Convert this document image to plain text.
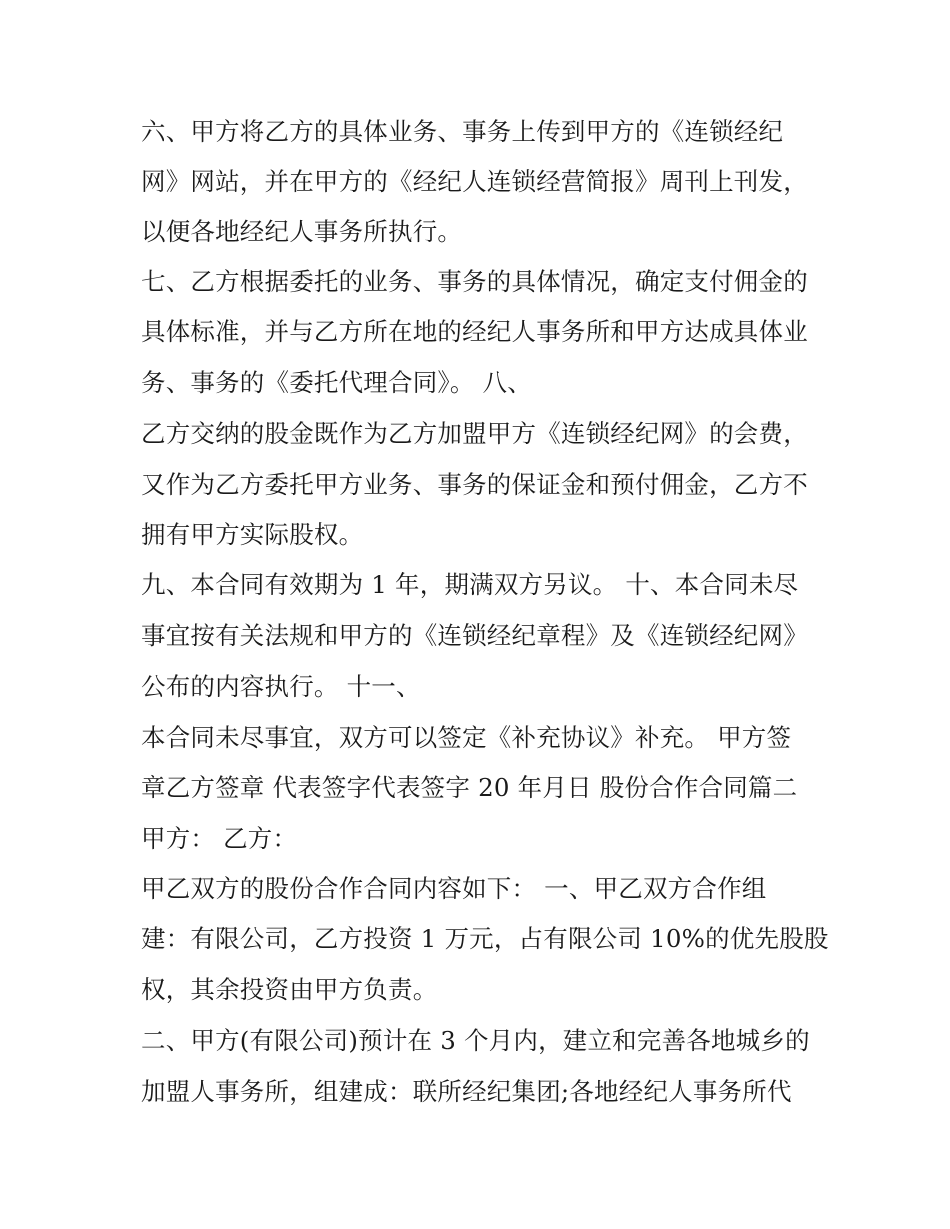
六、甲方将乙方的具体业务、事务上传到甲方的《连锁经纪
网》网站，并在甲方的《经纪人连锁经营简报》周刊上刊发，
以便各地经纪人事务所执行。
七、乙方根据委托的业务、事务的具体情况，确定支付佣金的
具体标准，并与乙方所在地的经纪人事务所和甲方达成具体业
务、事务的《委托代理合同》。 八、
乙方交纳的股金既作为乙方加盟甲方《连锁经纪网》的会费，
又作为乙方委托甲方业务、事务的保证金和预付佣金，乙方不
拥有甲方实际股权。
九、本合同有效期为 1 年，期满双方另议。 十、本合同未尽
事宜按有关法规和甲方的《连锁经纪章程》及《连锁经纪网》
公布的内容执行。 十一、
本合同未尽事宜，双方可以签定《补充协议》补充。 甲方签
章乙方签章 代表签字代表签字 20 年月日 股份合作合同篇二
甲方： 乙方：
甲乙双方的股份合作合同内容如下： 一、甲乙双方合作组
建：有限公司，乙方投资 1 万元，占有限公司 10%的优先股股
权，其余投资由甲方负责。
二、甲方(有限公司)预计在 3 个月内，建立和完善各地城乡的
加盟人事务所，组建成：联所经纪集团;各地经纪人事务所代
